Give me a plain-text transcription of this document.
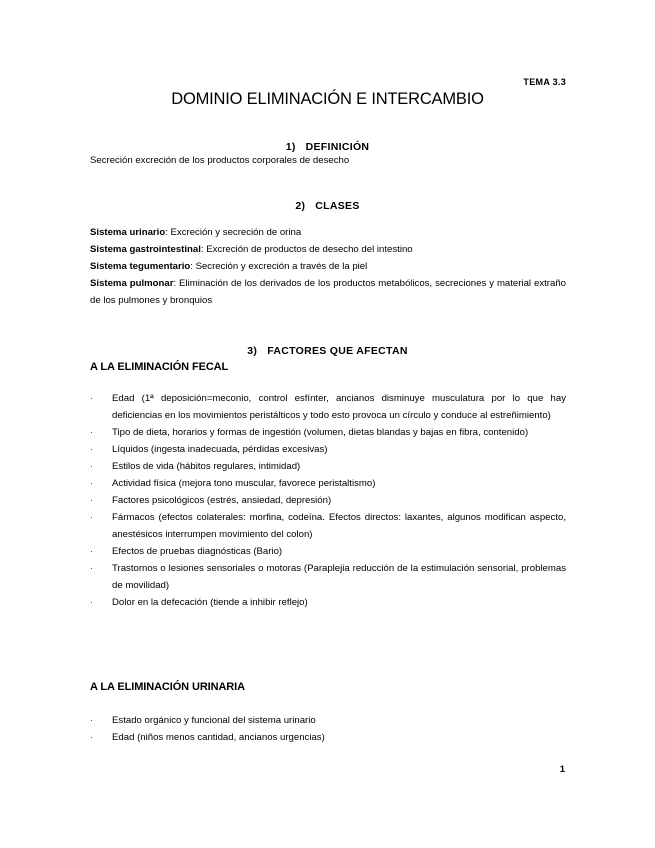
TEMA 3.3
DOMINIO ELIMINACIÓN E INTERCAMBIO
1) DEFINICIÓN
Secreción excreción de los productos corporales de desecho
2) CLASES
Sistema urinario: Excreción y secreción de orina
Sistema gastrointestinal: Excreción de productos de desecho del intestino
Sistema tegumentario: Secreción y excreción a través de la piel
Sistema pulmonar: Eliminación de los derivados de los productos metabólicos, secreciones y material extraño de los pulmones y bronquios
3) FACTORES QUE AFECTAN
A LA ELIMINACIÓN FECAL
· Edad (1ª deposición=meconio, control esfínter, ancianos disminuye musculatura por lo que hay deficiencias en los movimientos peristálticos y todo esto provoca un círculo y conduce al estreñimiento)
· Tipo de dieta, horarios y formas de ingestión (volumen, dietas blandas y bajas en fibra, contenido)
· Líquidos (ingesta inadecuada, pérdidas excesivas)
· Estilos de vida (hábitos regulares, intimidad)
· Actividad física (mejora tono muscular, favorece peristaltismo)
· Factores psicológicos (estrés, ansiedad, depresión)
· Fármacos (efectos colaterales: morfina, codeína. Efectos directos: laxantes, algunos modifican aspecto, anestésicos interrumpen movimiento del colon)
· Efectos de pruebas diagnósticas (Bario)
· Trastornos o lesiones sensoriales o motoras (Paraplejia reducción de la estimulación sensorial, problemas de movilidad)
· Dolor en la defecación (tiende a inhibir reflejo)
A LA ELIMINACIÓN URINARIA
· Estado orgánico y funcional del sistema urinario
· Edad (niños menos cantidad, ancianos urgencias)
1
